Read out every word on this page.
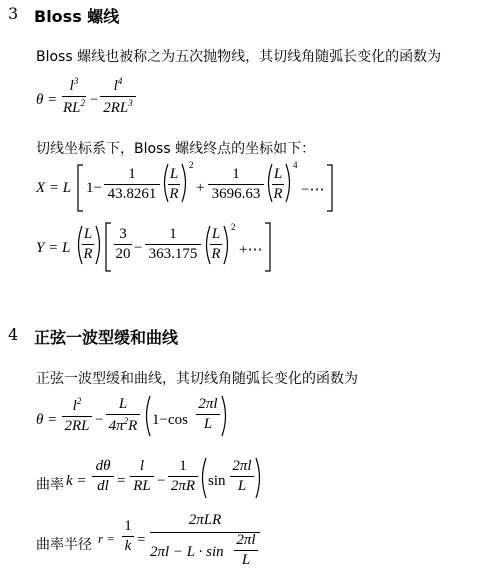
3 Bloss 螺线
Bloss 螺线也被称之为五次抛物线，其切线角随弧长变化的函数为
θ =
$l^3$
$RL^2$ −
$l^4$
$2RL^3$
切线坐标系下，Bloss 螺线终点的坐标如下：
X = L 1−
1
43.8261
L
R
2
+
1
3696.63
L
R
4
−⋯
Y = L
L
R
3
20 −
1
363.175
L
R
2
+⋯
4 正弦一波型缓和曲线
正弦一波型缓和曲线，其切线角随弧长变化的函数为
θ =
$l^2$
2RL −
L
$4\pi^2R$ 1−cos
2πl
L
曲率 k =
dθ
dl =
l
RL −
1
2πR sin
2πl
L
曲率半径 r =
1
k =
2πLR
2πl − L · sin
2πl
L
